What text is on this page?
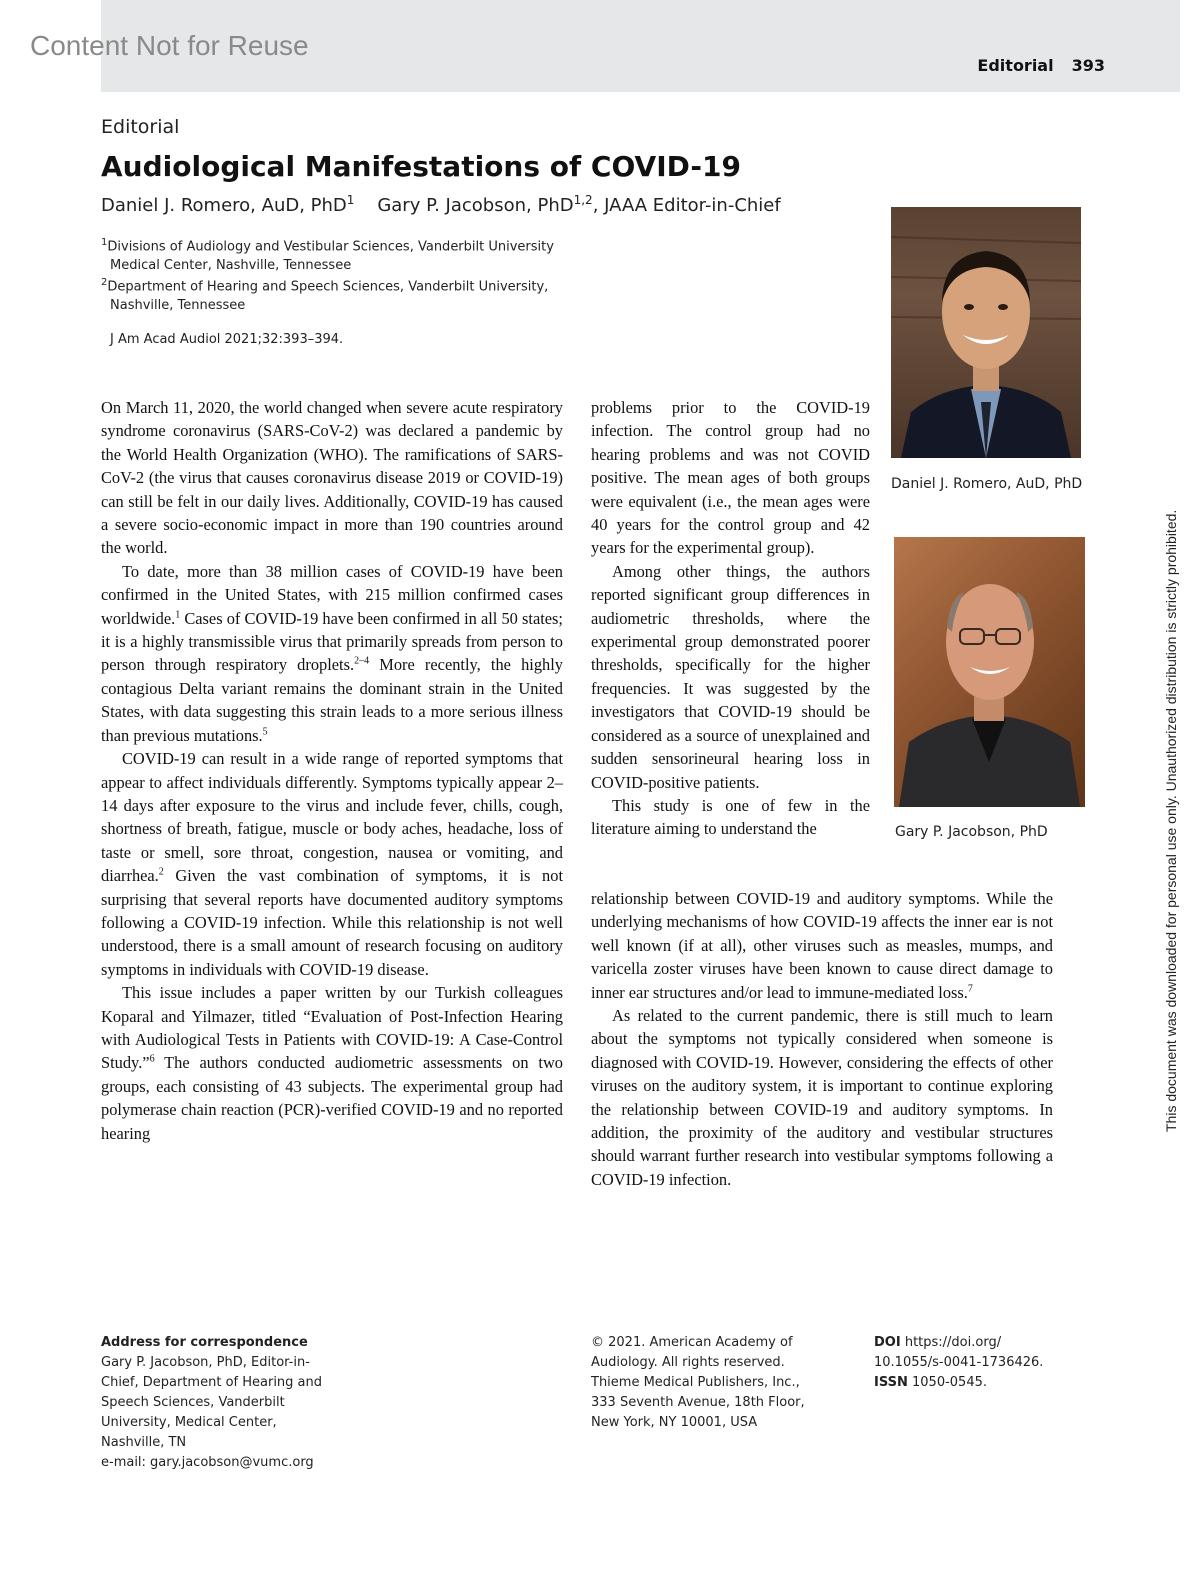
Content Not for Reuse
Editorial 393
Editorial
Audiological Manifestations of COVID-19
Daniel J. Romero, AuD, PhD$^1$ Gary P. Jacobson, PhD$^{1,2}$, JAAA Editor-in-Chief
$^1$Divisions of Audiology and Vestibular Sciences, Vanderbilt University
Medical Center, Nashville, Tennessee
$^2$Department of Hearing and Speech Sciences, Vanderbilt University,
Nashville, Tennessee
J Am Acad Audiol 2021;32:393–394.

On March 11, 2020, the world changed when severe acute respiratory syndrome coronavirus (SARS-CoV-2) was declared a pandemic by the World Health Organization (WHO). The ramifications of SARS-CoV-2 (the virus that causes coronavirus disease 2019 or COVID-19) can still be felt in our daily lives. Additionally, COVID-19 has caused a severe socio-economic impact in more than 190 countries around the world.

To date, more than 38 million cases of COVID-19 have been confirmed in the United States, with 215 million confirmed cases worldwide.$^1$ Cases of COVID-19 have been confirmed in all 50 states; it is a highly transmissible virus that primarily spreads from person to person through respiratory droplets.$^{2-4}$ More recently, the highly contagious Delta variant remains the dominant strain in the United States, with data suggesting this strain leads to a more serious illness than previous mutations.$^5$

COVID-19 can result in a wide range of reported symptoms that appear to affect individuals differently. Symptoms typically appear 2–14 days after exposure to the virus and include fever, chills, cough, shortness of breath, fatigue, muscle or body aches, headache, loss of taste or smell, sore throat, congestion, nausea or vomiting, and diarrhea.$^2$ Given the vast combination of symptoms, it is not surprising that several reports have documented auditory symptoms following a COVID-19 infection. While this relationship is not well understood, there is a small amount of research focusing on auditory symptoms in individuals with COVID-19 disease.

This issue includes a paper written by our Turkish colleagues Koparal and Yilmazer, titled “Evaluation of Post-Infection Hearing with Audiological Tests in Patients with COVID-19: A Case-Control Study.”$^6$ The authors conducted audiometric assessments on two groups, each consisting of 43 subjects. The experimental group had polymerase chain reaction (PCR)-verified COVID-19 and no reported hearing

problems prior to the COVID-19 infection. The control group had no hearing problems and was not COVID positive. The mean ages of both groups were equivalent (i.e., the mean ages were 40 years for the control group and 42 years for the experimental group).

Among other things, the authors reported significant group differences in audiometric thresholds, where the experimental group demonstrated poorer thresholds, specifically for the higher frequencies. It was suggested by the investigators that COVID-19 should be considered as a source of unexplained and sudden sensorineural hearing loss in COVID-positive patients.

This study is one of few in the literature aiming to understand the

relationship between COVID-19 and auditory symptoms. While the underlying mechanisms of how COVID-19 affects the inner ear is not well known (if at all), other viruses such as measles, mumps, and varicella zoster viruses have been known to cause direct damage to inner ear structures and/or lead to immune-mediated loss.$^7$

As related to the current pandemic, there is still much to learn about the symptoms not typically considered when someone is diagnosed with COVID-19. However, considering the effects of other viruses on the auditory system, it is important to continue exploring the relationship between COVID-19 and auditory symptoms. In addition, the proximity of the auditory and vestibular structures should warrant further research into vestibular symptoms following a COVID-19 infection.

Daniel J. Romero, AuD, PhD
Gary P. Jacobson, PhD	This document was downloaded for personal use only. Unauthorized distribution is strictly prohibited.
Address for correspondence
Gary P. Jacobson, PhD, Editor-in-
Chief, Department of Hearing and
Speech Sciences, Vanderbilt
University, Medical Center,
Nashville, TN
e-mail: gary.jacobson@vumc.org
© 2021. American Academy of
Audiology. All rights reserved.
Thieme Medical Publishers, Inc.,
333 Seventh Avenue, 18th Floor,
New York, NY 10001, USA
DOI https://doi.org/
10.1055/s-0041-1736426.
ISSN 1050-0545.
